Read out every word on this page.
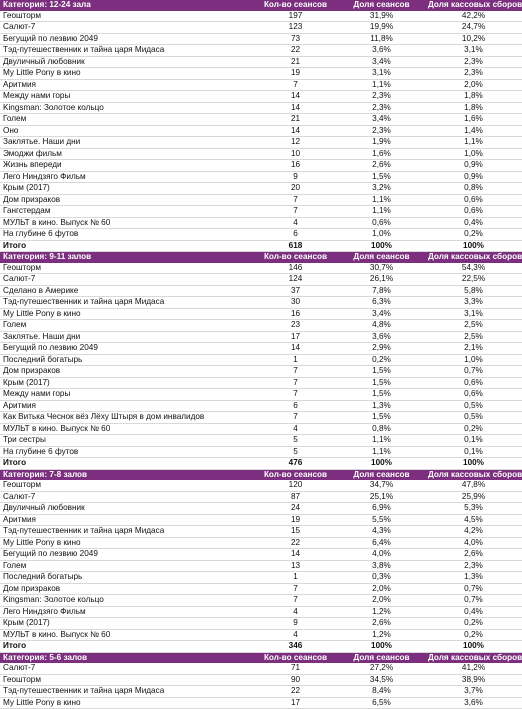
Категория: 12-24 зала	Кол-во сеансов	Доля сеансов	Доля кассовых сборов
Геошторм	197	31,9%	42,2%
Салют-7	123	19,9%	24,7%
Бегущий по лезвию 2049	73	11,8%	10,2%
Тэд-путешественник и тайна царя Мидаса	22	3,6%	3,1%
Двуличный любовник	21	3,4%	2,3%
My Little Pony в кино	19	3,1%	2,3%
Аритмия	7	1,1%	2,0%
Между нами горы	14	2,3%	1,8%
Kingsman: Золотое кольцо	14	2,3%	1,8%
Голем	21	3,4%	1,6%
Оно	14	2,3%	1,4%
Заклятье. Наши дни	12	1,9%	1,1%
Эмоджи фильм	10	1,6%	1,0%
Жизнь впереди	16	2,6%	0,9%
Лего Ниндзяго Фильм	9	1,5%	0,9%
Крым (2017)	20	3,2%	0,8%
Дом призраков	7	1,1%	0,6%
Гангстердам	7	1,1%	0,6%
МУЛЬТ в кино. Выпуск № 60	4	0,6%	0,4%
На глубине 6 футов	6	1,0%	0,2%
Итого	618	100%	100%
Категория: 9-11 залов	Кол-во сеансов	Доля сеансов	Доля кассовых сборов
Геошторм	146	30,7%	54,3%
Салют-7	124	26,1%	22,5%
Сделано в Америке	37	7,8%	5,8%
Тэд-путешественник и тайна царя Мидаса	30	6,3%	3,3%
My Little Pony в кино	16	3,4%	3,1%
Голем	23	4,8%	2,5%
Заклятье. Наши дни	17	3,6%	2,5%
Бегущий по лезвию 2049	14	2,9%	2,1%
Последний богатырь	1	0,2%	1,0%
Дом призраков	7	1,5%	0,7%
Крым (2017)	7	1,5%	0,6%
Между нами горы	7	1,5%	0,6%
Аритмия	6	1,3%	0,5%
Как Витька Чеснок вёз Лёху Штыря в дом инвалидов	7	1,5%	0,5%
МУЛЬТ в кино. Выпуск № 60	4	0,8%	0,2%
Три сестры	5	1,1%	0,1%
На глубине 6 футов	5	1,1%	0,1%
Итого	476	100%	100%
Категория: 7-8 залов	Кол-во сеансов	Доля сеансов	Доля кассовых сборов
Геошторм	120	34,7%	47,8%
Салют-7	87	25,1%	25,9%
Двуличный любовник	24	6,9%	5,3%
Аритмия	19	5,5%	4,5%
Тэд-путешественник и тайна царя Мидаса	15	4,3%	4,2%
My Little Pony в кино	22	6,4%	4,0%
Бегущий по лезвию 2049	14	4,0%	2,6%
Голем	13	3,8%	2,3%
Последний богатырь	1	0,3%	1,3%
Дом призраков	7	2,0%	0,7%
Kingsman: Золотое кольцо	7	2,0%	0,7%
Лего Ниндзяго Фильм	4	1,2%	0,4%
Крым (2017)	9	2,6%	0,2%
МУЛЬТ в кино. Выпуск № 60	4	1,2%	0,2%
Итого	346	100%	100%
Категория: 5-6 залов	Кол-во сеансов	Доля сеансов	Доля кассовых сборов
Салют-7	71	27,2%	41,2%
Геошторм	90	34,5%	38,9%
Тэд-путешественник и тайна царя Мидаса	22	8,4%	3,7%
My Little Pony в кино	17	6,5%	3,6%
